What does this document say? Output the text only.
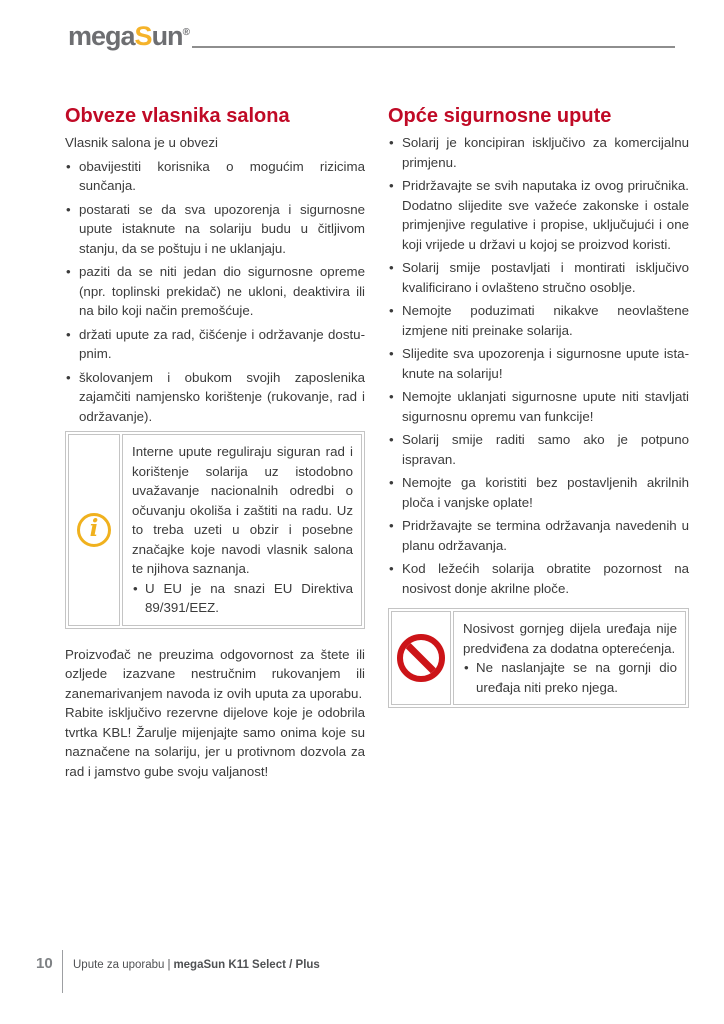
megaSun®
Obveze vlasnika salona

Vlasnik salona je u obvezi

• obavijestiti korisnika o mogućim rizicima sunčanja.
• postarati se da sva upozorenja i sigurnosne upute istaknute na solariju budu u čitljivom stanju, da se poštuju i ne uklanjaju.
• paziti da se niti jedan dio sigurnosne opreme (npr. toplinski prekidač) ne ukloni, deaktivira ili na bilo koji način premošćuje.
• držati upute za rad, čišćenje i održavanje dostupnim.
• školovanjem i obukom svojih zaposlenika zajamčiti namjensko korištenje (rukovanje, rad i održavanje).
i

Interne upute reguliraju siguran rad i korištenje solarija uz istodobno uvažavanje nacionalnih odredbi o očuvanju okoliša i zaštiti na radu. Uz to treba uzeti u obzir i posebne značajke koje navodi vlasnik salona te njihova saznanja.

• U EU je na snazi EU Direktiva 89/391/EEZ.

Proizvođač ne preuzima odgovornost za štete ili ozljede izazvane nestručnim rukovanjem ili zanemarivanjem navoda iz ovih uputa za uporabu.

Rabite isključivo rezervne dijelove koje je odobrila tvrtka KBL! Žarulje mijenjajte samo onima koje su naznačene na solariju, jer u protivnom dozvola za rad i jamstvo gube svoju valjanost!

Opće sigurnosne upute
• Solarij je koncipiran isključivo za komercijalnu primjenu.
• Pridržavajte se svih naputaka iz ovog priručnika. Dodatno slijedite sve važeće zakonske i ostale primjenjive regulative i propise, uključujući i one koji vrijede u državi u kojoj se proizvod koristi.
• Solarij smije postavljati i montirati isključivo kvalificirano i ovlašteno stručno osoblje.
• Nemojte poduzimati nikakve neovlaštene izmjene niti preinake solarija.
• Slijedite sva upozorenja i sigurnosne upute istaknute na solariju!
• Nemojte uklanjati sigurnosne upute niti stavljati sigurnosnu opremu van funkcije!
• Solarij smije raditi samo ako je potpuno ispravan.
• Nemojte ga koristiti bez postavljenih akrilnih ploča i vanjske oplate!
• Pridržavajte se termina održavanja navedenih u planu održavanja.
• Kod ležećih solarija obratite pozornost na nosivost donje akrilne ploče.

Nosivost gornjeg dijela uređaja nije predviđena za dodatna opterećenja.

• Ne naslanjajte se na gornji dio uređaja niti preko njega.

10 Upute za uporabu | megaSun K11 Select / Plus
